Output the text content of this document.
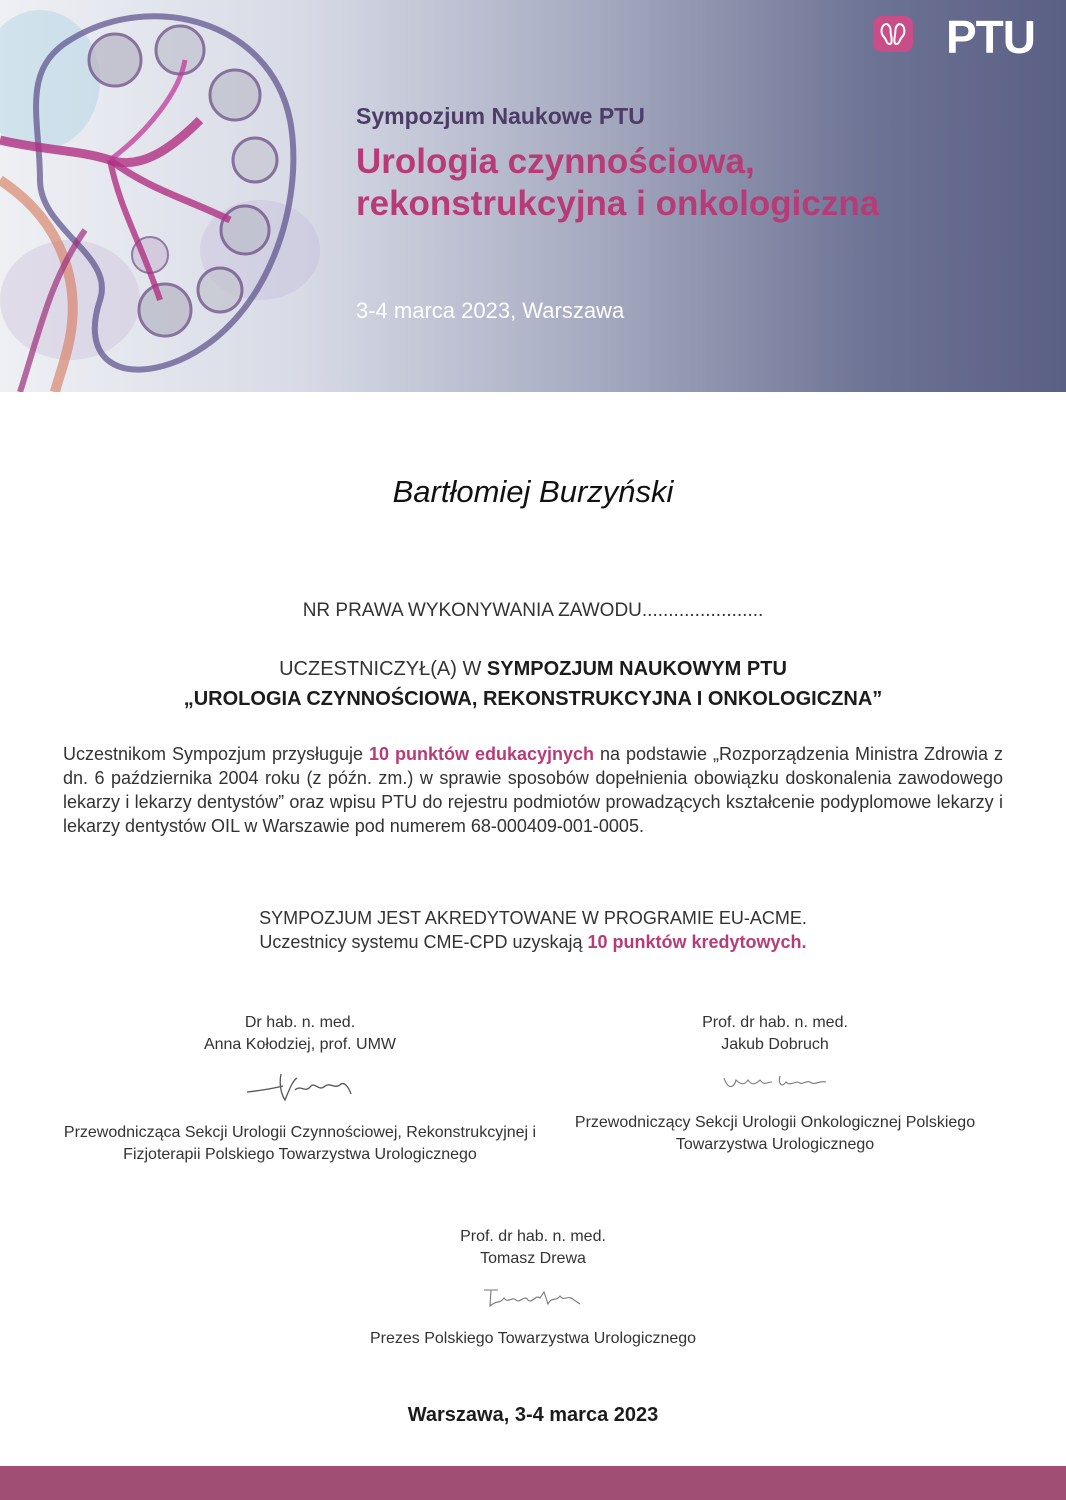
PTU
Sympozjum Naukowe PTU
Urologia czynnościowa,
rekonstrukcyjna i onkologiczna
3-4 marca 2023, Warszawa
Bartłomiej Burzyński
NR PRAWA WYKONYWANIA ZAWODU.......................
UCZESTNICZYŁ(A) W SYMPOZJUM NAUKOWYM PTU
„UROLOGIA CZYNNOŚCIOWA, REKONSTRUKCYJNA I ONKOLOGICZNA”
Uczestnikom Sympozjum przysługuje 10 punktów edukacyjnych na podstawie „Rozporządzenia Ministra Zdrowia z dn. 6 października 2004 roku (z późn. zm.) w sprawie sposobów dopełnienia obowiązku doskonalenia zawodowego lekarzy i lekarzy dentystów” oraz wpisu PTU do rejestru podmiotów prowadzących kształcenie podyplomowe lekarzy i lekarzy dentystów OIL w Warszawie pod numerem 68-000409-001-0005.
SYMPOZJUM JEST AKREDYTOWANE W PROGRAMIE EU-ACME.
Uczestnicy systemu CME-CPD uzyskają 10 punktów kredytowych.
Dr hab. n. med.
Anna Kołodziej, prof. UMW
Przewodnicząca Sekcji Urologii Czynnościowej, Rekonstrukcyjnej i Fizjoterapii Polskiego Towarzystwa Urologicznego
Prof. dr hab. n. med.
Jakub Dobruch
Przewodniczący Sekcji Urologii Onkologicznej Polskiego Towarzystwa Urologicznego
Prof. dr hab. n. med.
Tomasz Drewa
Prezes Polskiego Towarzystwa Urologicznego
Warszawa, 3-4 marca 2023
